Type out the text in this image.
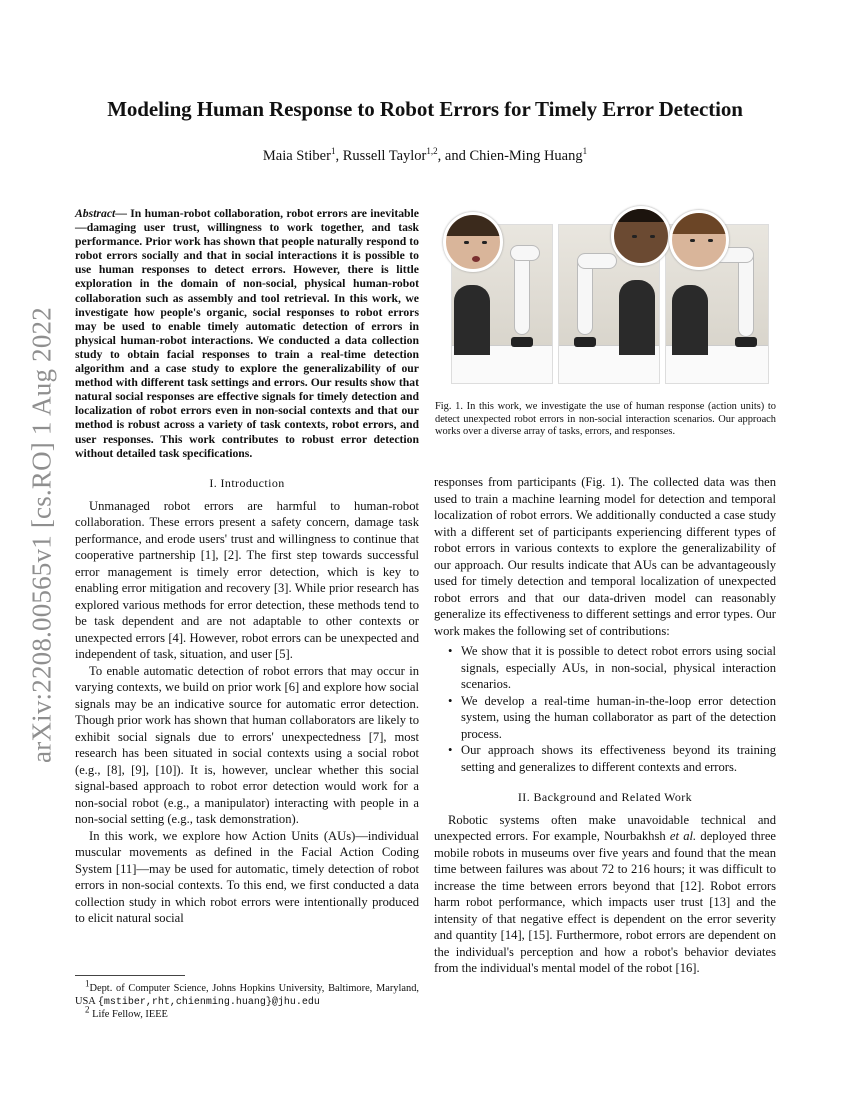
arXiv:2208.00565v1 [cs.RO] 1 Aug 2022
Modeling Human Response to Robot Errors for Timely Error Detection
Maia Stiber$^1$, Russell Taylor$^{1,2}$, and Chien-Ming Huang$^1$
Abstract— In human-robot collaboration, robot errors are inevitable—damaging user trust, willingness to work together, and task performance. Prior work has shown that people naturally respond to robot errors socially and that in social interactions it is possible to use human responses to detect errors. However, there is little exploration in the domain of non-social, physical human-robot collaboration such as assembly and tool retrieval. In this work, we investigate how people's organic, social responses to robot errors may be used to enable timely automatic detection of errors in physical human-robot interactions. We conducted a data collection study to obtain facial responses to train a real-time detection algorithm and a case study to explore the generalizability of our method with different task settings and errors. Our results show that natural social responses are effective signals for timely detection and localization of robot errors even in non-social contexts and that our method is robust across a variety of task contexts, robot errors, and user responses. This work contributes to robust error detection without detailed task specifications.
I. Introduction

Unmanaged robot errors are harmful to human-robot collaboration. These errors present a safety concern, damage task performance, and erode users' trust and willingness to continue that cooperative partnership [1], [2]. The first step towards successful error management is timely error detection, which is key to enabling error mitigation and recovery [3]. While prior research has explored various methods for error detection, these methods tend to be task dependent and are not adaptable to other contexts or unexpected errors [4]. However, robot errors can be unexpected and independent of task, situation, and user [5].

To enable automatic detection of robot errors that may occur in varying contexts, we build on prior work [6] and explore how social signals may be an indicative source for automatic error detection. Though prior work has shown that human collaborators are likely to exhibit social signals due to errors' unexpectedness [7], most research has been situated in social contexts using a social robot (e.g., [8], [9], [10]). It is, however, unclear whether this social signal-based approach to robot error detection would work for a non-social robot (e.g., a manipulator) interacting with people in a non-social setting (e.g., task demonstration).

In this work, we explore how Action Units (AUs)—individual muscular movements as defined in the Facial Action Coding System [11]—may be used for automatic, timely detection of robot errors in non-social contexts. To this end, we first conducted a data collection study in which robot errors were intentionally produced to elicit natural social

$^1$Dept. of Computer Science, Johns Hopkins University, Baltimore, Maryland, USA {mstiber,rht,chienming.huang}@jhu.edu
$^2$ Life Fellow, IEEE
Fig. 1. In this work, we investigate the use of human response (action units) to detect unexpected robot errors in non-social interaction scenarios. Our approach works over a diverse array of tasks, errors, and responses.

responses from participants (Fig. 1). The collected data was then used to train a machine learning model for detection and temporal localization of robot errors. We additionally conducted a case study with a different set of participants experiencing different types of robot errors in various contexts to explore the generalizability of our approach. Our results indicate that AUs can be advantageously used for timely detection and temporal localization of unexpected robot errors and that our data-driven model can reasonably generalize its effectiveness to different settings and error types. Our work makes the following set of contributions:

• We show that it is possible to detect robot errors using social signals, especially AUs, in non-social, physical interaction scenarios.
• We develop a real-time human-in-the-loop error detection system, using the human collaborator as part of the detection process.
• Our approach shows its effectiveness beyond its training setting and generalizes to different contexts and errors.
II. Background and Related Work

Robotic systems often make unavoidable technical and unexpected errors. For example, Nourbakhsh et al. deployed three mobile robots in museums over five years and found that the mean time between failures was about 72 to 216 hours; it was difficult to increase the time between errors beyond that [12]. Robot errors harm robot performance, which impacts user trust [13] and the intensity of that negative effect is dependent on the error severity and quantity [14], [15]. Furthermore, robot errors are dependent on the individual's perception and how a robot's behavior deviates from the individual's mental model of the robot [16].
